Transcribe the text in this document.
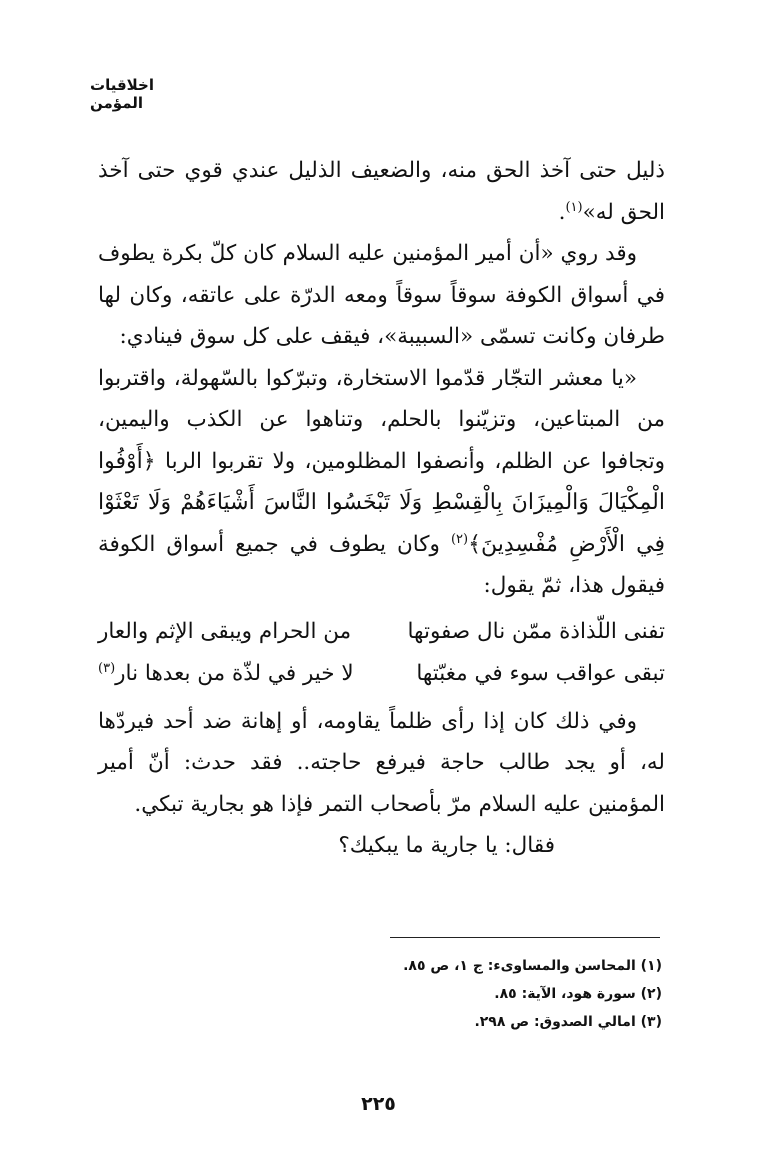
اخلاقيات المؤمن

ذليل حتى آخذ الحق منه، والضعيف الذليل عندي قوي حتى آخذ الحق له»$^{(١)}$.

وقد روي «أن أمير المؤمنين عليه السلام كان كلّ بكرة يطوف في أسواق الكوفة سوقاً سوقاً ومعه الدرّة على عاتقه، وكان لها طرفان وكانت تسمّى «السبيبة»، فيقف على كل سوق فينادي:

«يا معشر التجّار قدّموا الاستخارة، وتبرّكوا بالسّهولة، واقتربوا من المبتاعين، وتزيّنوا بالحلم، وتناهوا عن الكذب واليمين، وتجافوا عن الظلم، وأنصفوا المظلومين، ولا تقربوا الربا ﴿أَوْفُوا الْمِكْيَالَ وَالْمِيزَانَ بِالْقِسْطِ وَلَا تَبْخَسُوا النَّاسَ أَشْيَاءَهُمْ وَلَا تَعْثَوْا فِي الْأَرْضِ مُفْسِدِينَ﴾$^{(٢)}$ وكان يطوف في جميع أسواق الكوفة فيقول هذا، ثمّ يقول:

تفنى اللّذاذة ممّن نال صفوتها
من الحرام ويبقى الإثم والعار
تبقى عواقب سوء في مغبّتها
لا خير في لذّة من بعدها نار$^{(٣)}$

وفي ذلك كان إذا رأى ظلماً يقاومه، أو إهانة ضد أحد فيردّها له، أو يجد طالب حاجة فيرفع حاجته.. فقد حدث: أنّ أمير المؤمنين عليه السلام مرّ بأصحاب التمر فإذا هو بجارية تبكي.

فقال: يا جارية ما يبكيك؟

(١) المحاسن والمساوىء: ج ١، ص ٨٥.
(٢) سورة هود، الآية: ٨٥.
(٣) امالي الصدوق: ص ٢٩٨.
٢٢٥
